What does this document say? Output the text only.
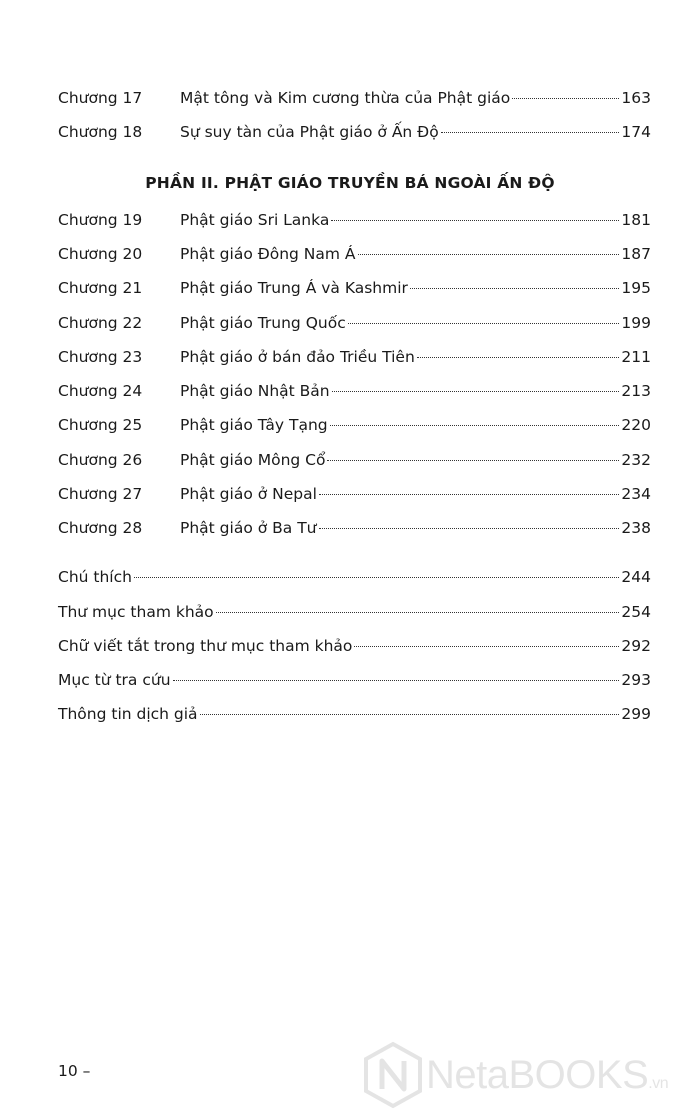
Chương 17	Mật tông và Kim cương thừa của Phật giáo	163
Chương 18	Sự suy tàn của Phật giáo ở Ấn Độ	174
PHẦN II. PHẬT GIÁO TRUYỀN BÁ NGOÀI ẤN ĐỘ
Chương 19	Phật giáo Sri Lanka	181
Chương 20	Phật giáo Đông Nam Á	187
Chương 21	Phật giáo Trung Á và Kashmir	195
Chương 22	Phật giáo Trung Quốc	199
Chương 23	Phật giáo ở bán đảo Triều Tiên	211
Chương 24	Phật giáo Nhật Bản	213
Chương 25	Phật giáo Tây Tạng	220
Chương 26	Phật giáo Mông Cổ	232
Chương 27	Phật giáo ở Nepal	234
Chương 28	Phật giáo ở Ba Tư	238
Chú thích	244
Thư mục tham khảo	254
Chữ viết tắt trong thư mục tham khảo	292
Mục từ tra cứu	293
Thông tin dịch giả	299
10 –	NetaBOOKS.vn
